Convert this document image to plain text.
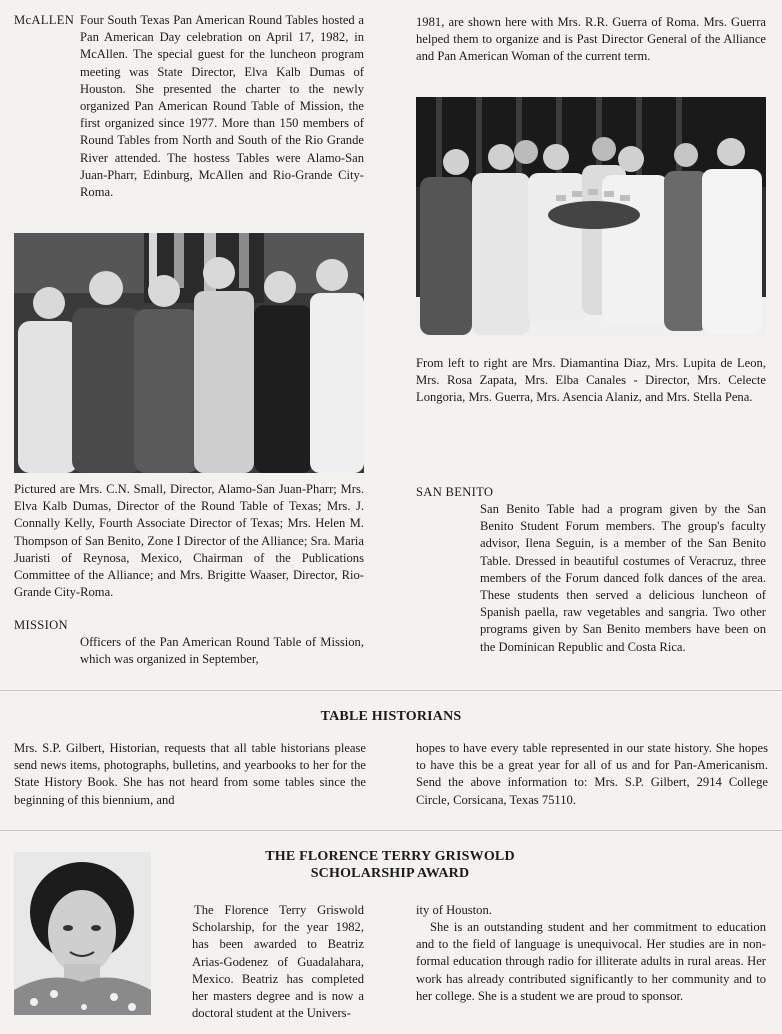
McALLEN Four South Texas Pan American Round Tables hosted a Pan American Day celebration on April 17, 1982, in McAllen. The special guest for the luncheon program meeting was State Director, Elva Kalb Dumas of Houston. She presented the charter to the newly organized Pan American Round Table of Mission, the first organized since 1977. More than 150 members of Round Tables from North and South of the Rio Grande River attended. The hostess Tables were Alamo-San Juan-Pharr, Edinburg, McAllen and Rio-Grande City-Roma.

Pictured are Mrs. C.N. Small, Director, Alamo-San Juan-Pharr; Mrs. Elva Kalb Dumas, Director of the Round Table of Texas; Mrs. J. Connally Kelly, Fourth Associate Director of Texas; Mrs. Helen M. Thompson of San Benito, Zone I Director of the Alliance; Sra. Maria Juaristi of Reynosa, Mexico, Chairman of the Publications Committee of the Alliance; and Mrs. Brigitte Waaser, Director, Rio-Grande City-Roma.

MISSION

Officers of the Pan American Round Table of Mission, which was organized in September,

1981, are shown here with Mrs. R.R. Guerra of Roma. Mrs. Guerra helped them to organize and is Past Director General of the Alliance and Pan American Woman of the current term.

From left to right are Mrs. Diamantina Diaz, Mrs. Lupita de Leon, Mrs. Rosa Zapata, Mrs. Elba Canales - Director, Mrs. Celecte Longoria, Mrs. Guerra, Mrs. Asencia Alaniz, and Mrs. Stella Pena.

SAN BENITO

San Benito Table had a program given by the San Benito Student Forum members. The group's faculty advisor, Ilena Seguin, is a member of the San Benito Table. Dressed in beautiful costumes of Veracruz, three members of the Forum danced folk dances of the area. These students then served a delicious luncheon of Spanish paella, raw vegetables and sangria. Two other programs given by San Benito members have been on the Dominican Republic and Costa Rica.

TABLE HISTORIANS

Mrs. S.P. Gilbert, Historian, requests that all table historians please send news items, photographs, bulletins, and yearbooks to her for the State History Book. She has not heard from some tables since the beginning of this biennium, and

hopes to have every table represented in our state history. She hopes to have this be a great year for all of us and for Pan-Americanism. Send the above information to: Mrs. S.P. Gilbert, 2914 College Circle, Corsicana, Texas 75110.

THE FLORENCE TERRY GRISWOLD
SCHOLARSHIP AWARD

The Florence Terry Griswold Scholarship, for the year 1982, has been awarded to Beatriz Arias-Godenez of Guadalahara, Mexico. Beatriz has completed her masters degree and is now a doctoral student at the Univers-

ity of Houston.

She is an outstanding student and her commitment to education and to the field of language is unequivocal. Her studies are in non-formal education through radio for illiterate adults in rural areas. Her work has already contributed significantly to her community and to her college. She is a student we are proud to sponsor.
